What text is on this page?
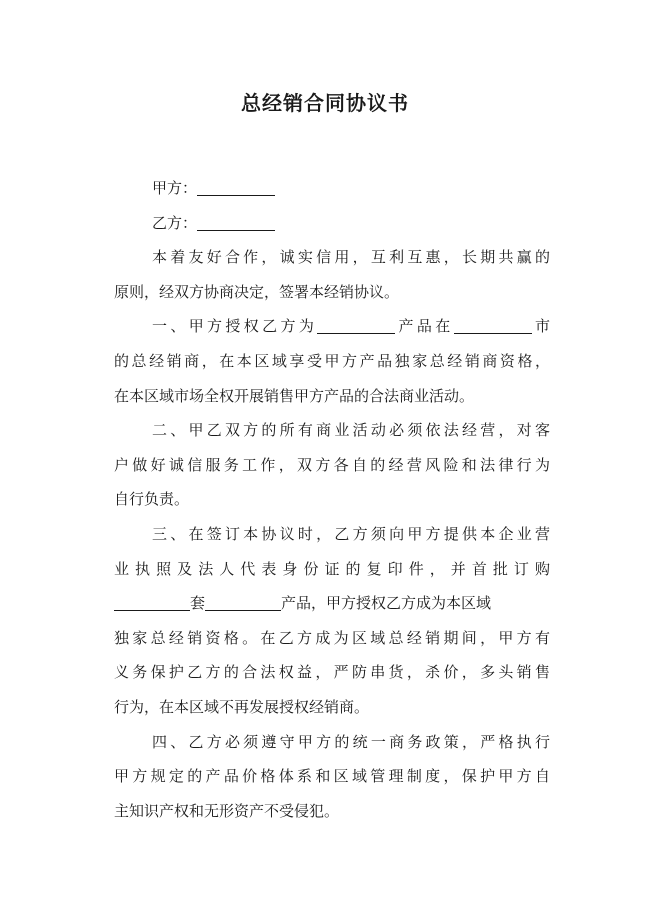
总经销合同协议书
甲方：
乙方：
本着友好合作，诚实信用，互利互惠，长期共赢的
原则，经双方协商决定，签署本经销协议。
一、甲方授权乙方为	产品在	市
的总经销商，在本区域享受甲方产品独家总经销商资格，
在本区域市场全权开展销售甲方产品的合法商业活动。
二、甲乙双方的所有商业活动必须依法经营，对客
户做好诚信服务工作，双方各自的经营风险和法律行为
自行负责。
三、在签订本协议时，乙方须向甲方提供本企业营
业执照及法人代表身份证的复印件，并首批订购
套	产品，甲方授权乙方成为本区域
独家总经销资格。在乙方成为区域总经销期间，甲方有
义务保护乙方的合法权益，严防串货，杀价，多头销售
行为，在本区域不再发展授权经销商。
四、乙方必须遵守甲方的统一商务政策，严格执行
甲方规定的产品价格体系和区域管理制度，保护甲方自
主知识产权和无形资产不受侵犯。
